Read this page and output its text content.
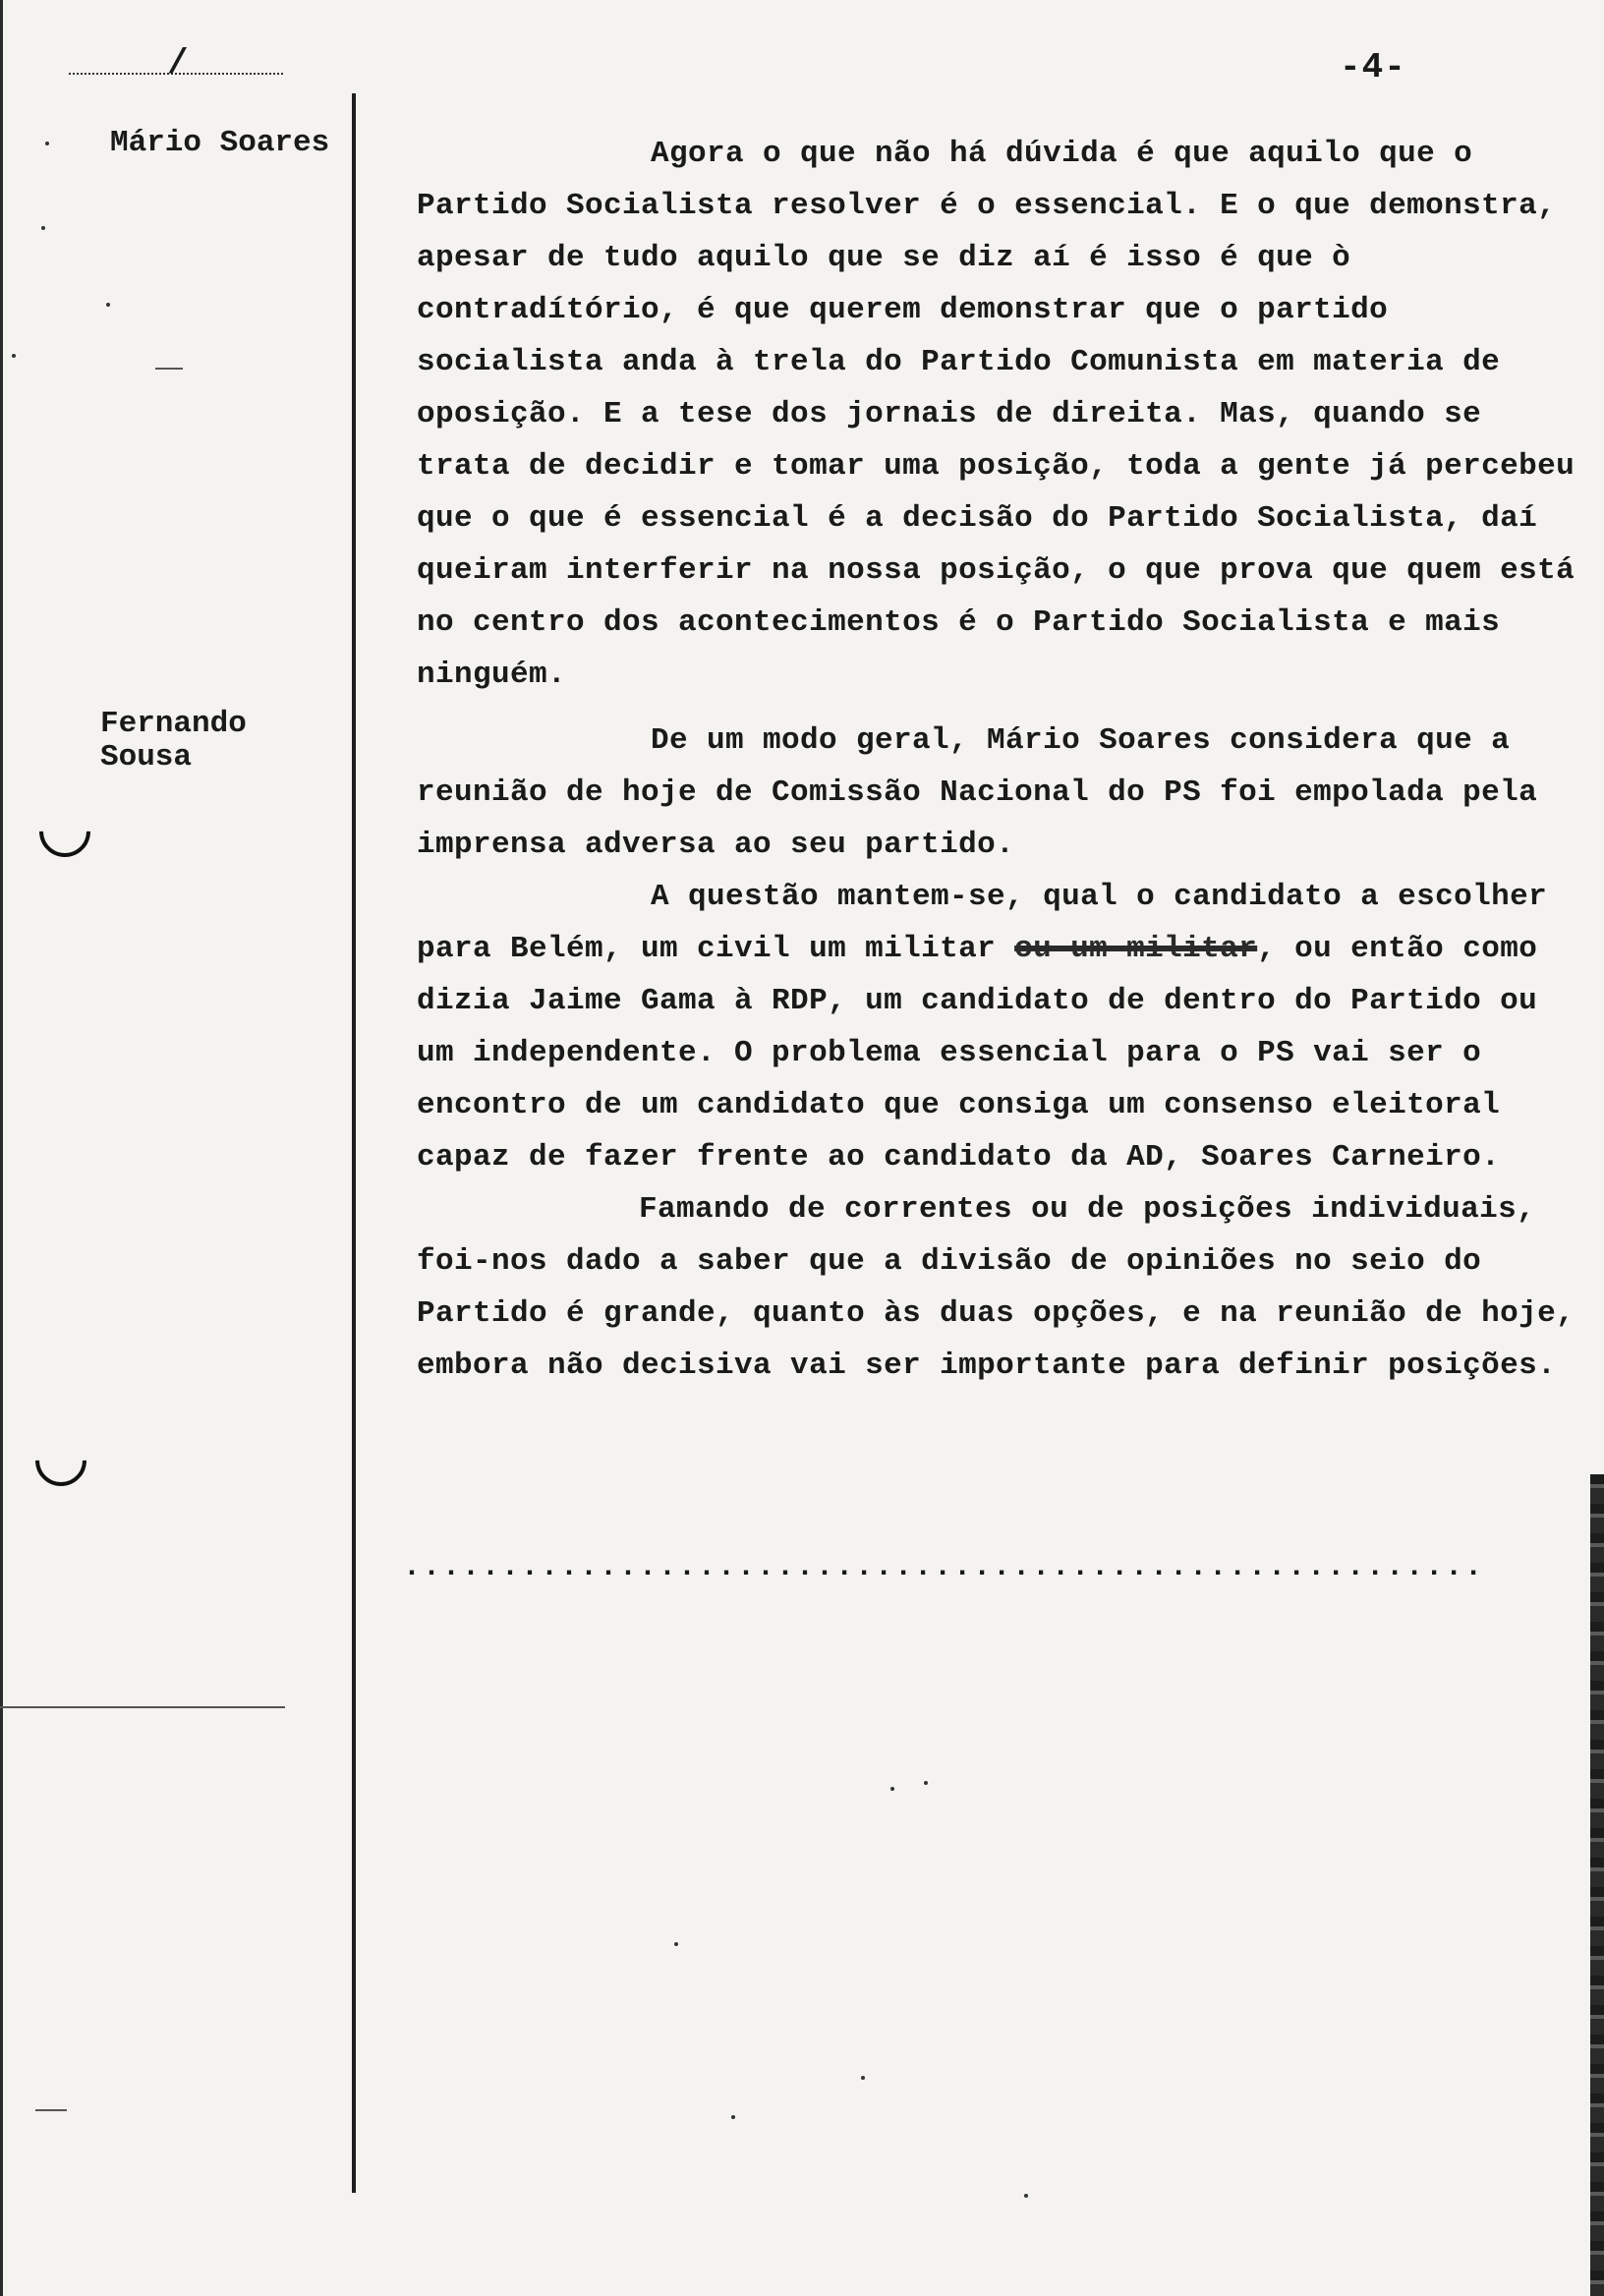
/	-4-
Mário Soares
Fernando
Sousa

Agora o que não há dúvida é que aquilo que o Partido Socialista resolver é o essencial. E o que demonstra, apesar de tudo aquilo que se diz aí é isso é que ò contradítório, é que querem demonstrar que o partido socialista anda à trela do Partido Comunista em materia de oposição. E a tese dos jornais de direita. Mas, quando se trata de decidir e tomar uma posição, toda a gente já percebeu que o que é essencial é a decisão do Partido Socialista, daí queiram interferir na nossa posição, o que prova que quem está no centro dos acontecimentos é o Partido Socialista e mais ninguém.

De um modo geral, Mário Soares considera que a reunião de hoje de Comissão Nacional do PS foi empolada pela imprensa adversa ao seu partido.

A questão mantem-se, qual o candidato a escolher para Belém, um civil um militar ou um militar, ou então como dizia Jaime Gama à RDP, um candidato de dentro do Partido ou um independente. O problema essencial para o PS vai ser o encontro de um candidato que consiga um consenso eleitoral capaz de fazer frente ao candidato da AD, Soares Carneiro.

Famando de correntes ou de posições individuais, foi-nos dado a saber que a divisão de opiniões no seio do Partido é grande, quanto às duas opções, e na reunião de hoje, embora não decisiva vai ser importante para definir posições.

.......................................................
